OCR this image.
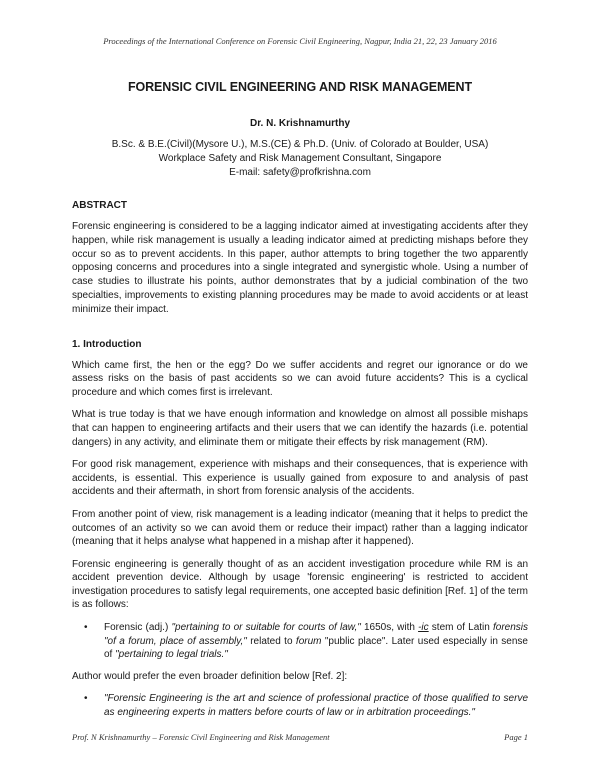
Proceedings of the International Conference on Forensic Civil Engineering, Nagpur, India 21, 22, 23 January 2016
FORENSIC CIVIL ENGINEERING AND RISK MANAGEMENT
Dr. N. Krishnamurthy
B.Sc. & B.E.(Civil)(Mysore U.), M.S.(CE) & Ph.D. (Univ. of Colorado at Boulder, USA)
Workplace Safety and Risk Management Consultant, Singapore
E-mail: safety@profkrishna.com
ABSTRACT

Forensic engineering is considered to be a lagging indicator aimed at investigating accidents after they happen, while risk management is usually a leading indicator aimed at predicting mishaps before they occur so as to prevent accidents. In this paper, author attempts to bring together the two apparently opposing concerns and procedures into a single integrated and synergistic whole. Using a number of case studies to illustrate his points, author demonstrates that by a judicial combination of the two specialties, improvements to existing planning procedures may be made to avoid accidents or at least minimize their impact.

1. Introduction

Which came first, the hen or the egg? Do we suffer accidents and regret our ignorance or do we assess risks on the basis of past accidents so we can avoid future accidents? This is a cyclical procedure and which comes first is irrelevant.

What is true today is that we have enough information and knowledge on almost all possible mishaps that can happen to engineering artifacts and their users that we can identify the hazards (i.e. potential dangers) in any activity, and eliminate them or mitigate their effects by risk management (RM).

For good risk management, experience with mishaps and their consequences, that is experience with accidents, is essential. This experience is usually gained from exposure to and analysis of past accidents and their aftermath, in short from forensic analysis of the accidents.

From another point of view, risk management is a leading indicator (meaning that it helps to predict the outcomes of an activity so we can avoid them or reduce their impact) rather than a lagging indicator (meaning that it helps analyse what happened in a mishap after it happened).

Forensic engineering is generally thought of as an accident investigation procedure while RM is an accident prevention device. Although by usage 'forensic engineering' is restricted to accident investigation procedures to satisfy legal requirements, one accepted basic definition [Ref. 1] of the term is as follows:

• Forensic (adj.) "pertaining to or suitable for courts of law," 1650s, with -ic stem of Latin forensis "of a forum, place of assembly," related to forum "public place". Later used especially in sense of "pertaining to legal trials."

Author would prefer the even broader definition below [Ref. 2]:

• "Forensic Engineering is the art and science of professional practice of those qualified to serve as engineering experts in matters before courts of law or in arbitration proceedings."
Prof. N Krishnamurthy – Forensic Civil Engineering and Risk Management	Page 1
